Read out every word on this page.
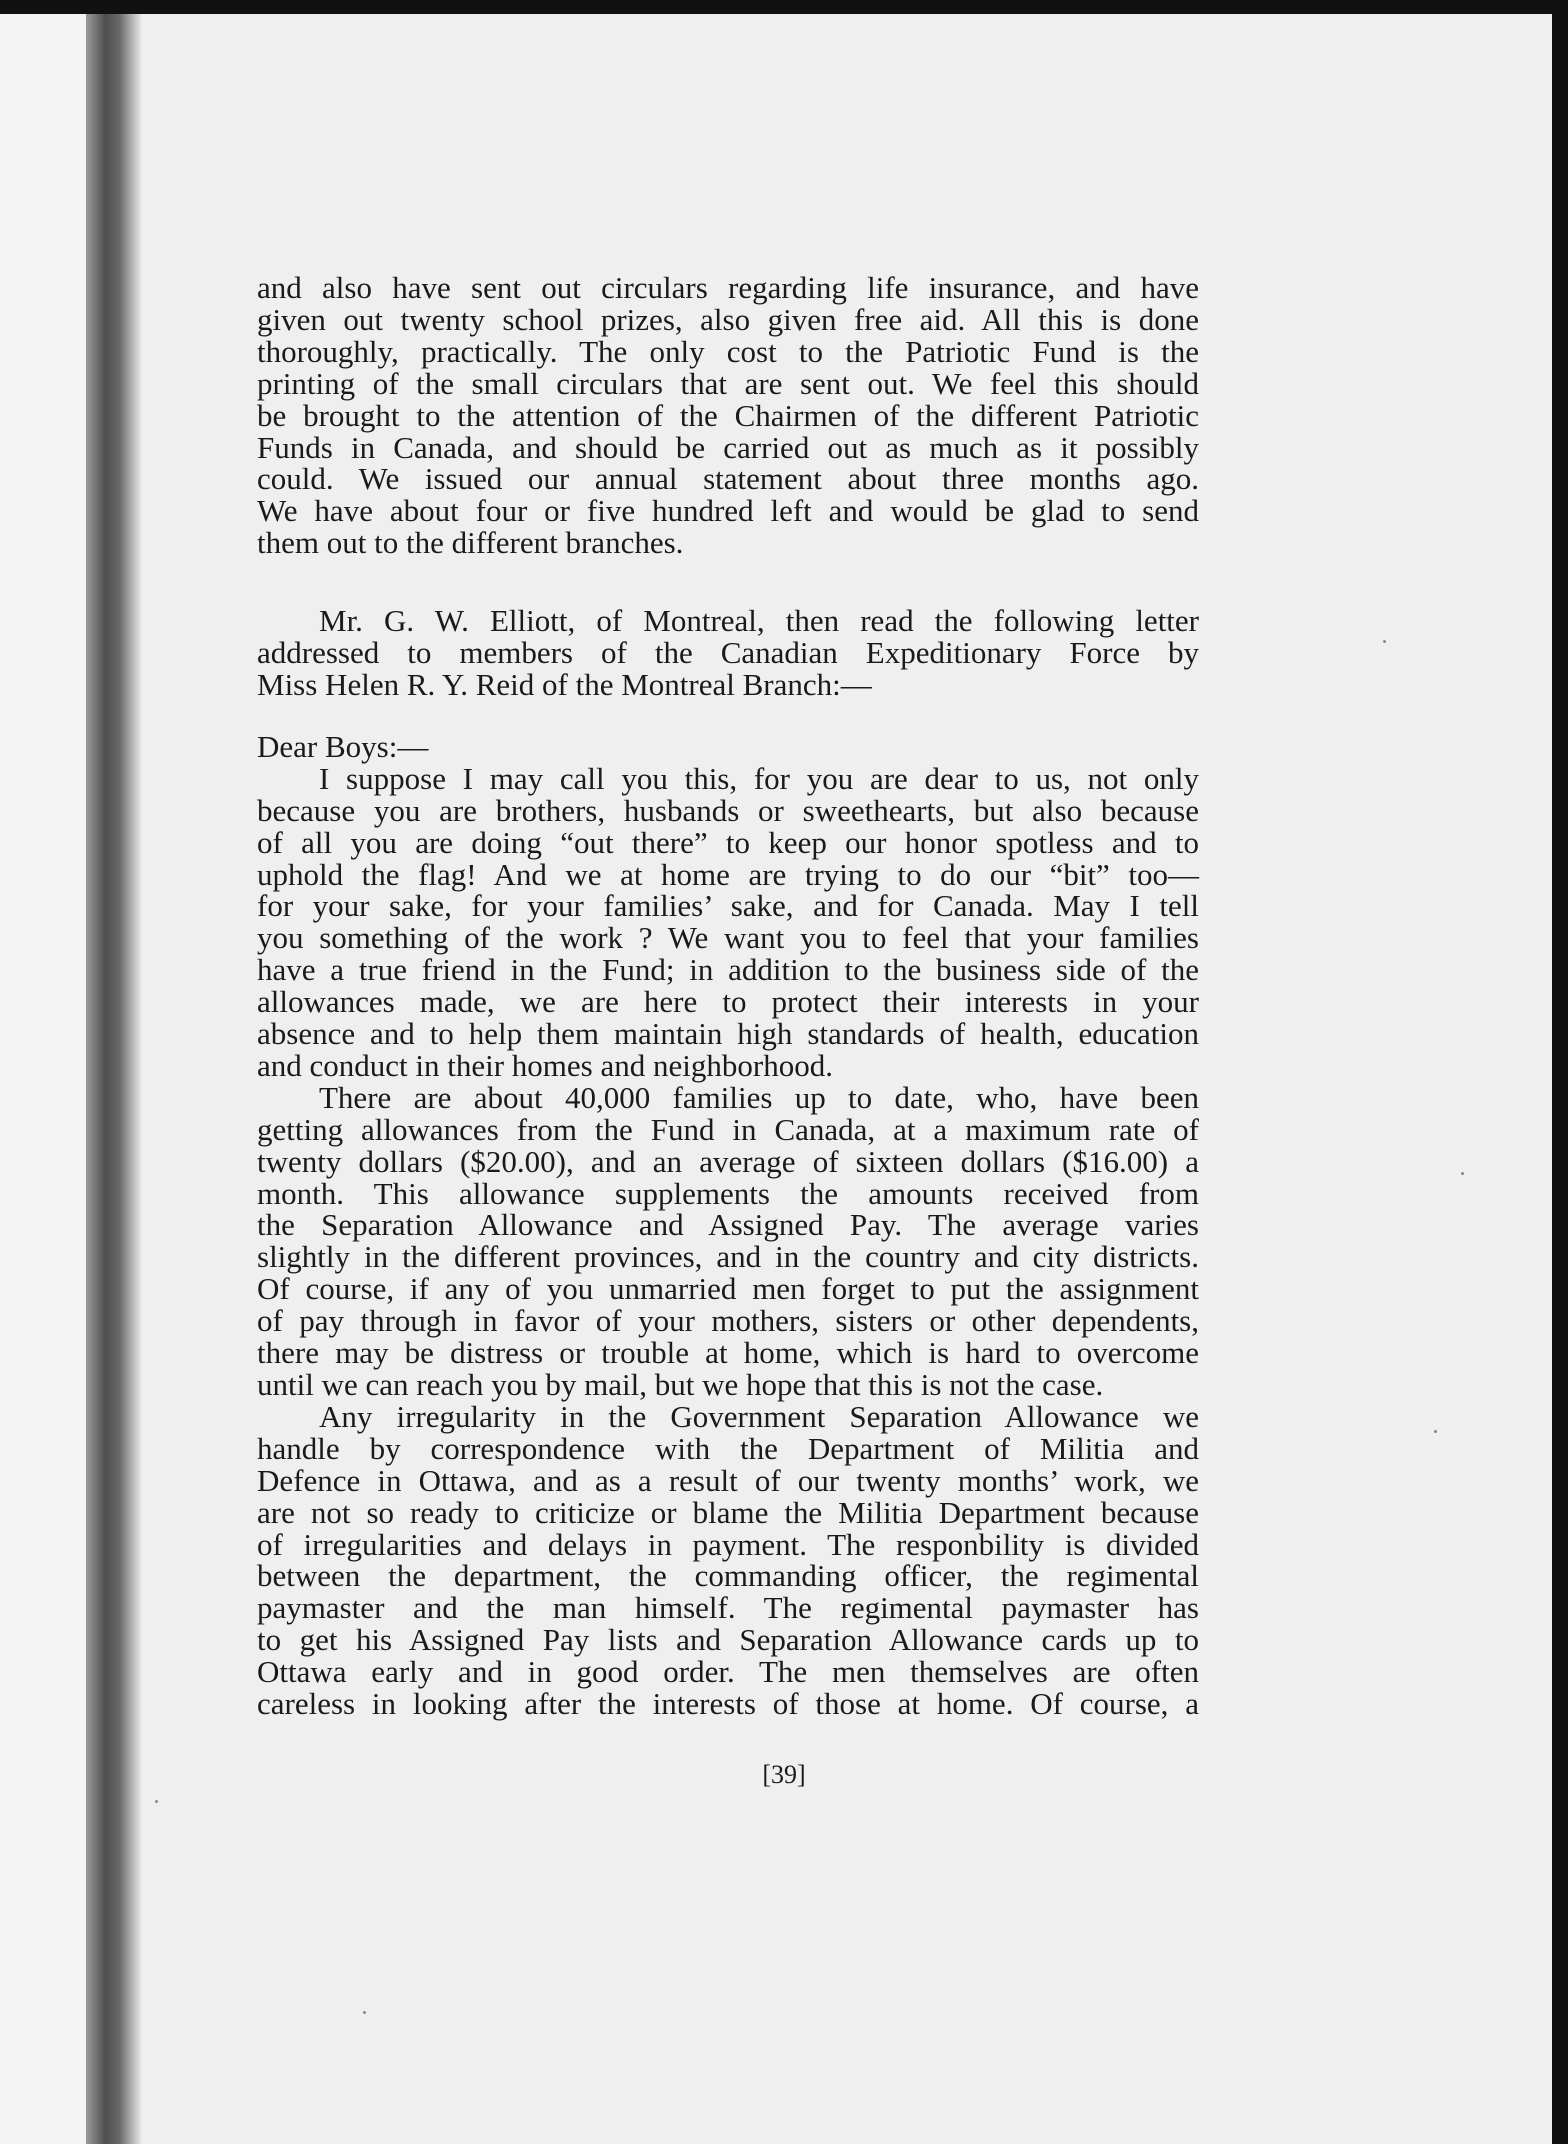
and also have sent out circulars regarding life insurance, and have
given out twenty school prizes, also given free aid. All this is done
thoroughly, practically. The only cost to the Patriotic Fund is the
printing of the small circulars that are sent out. We feel this should
be brought to the attention of the Chairmen of the different Patriotic
Funds in Canada, and should be carried out as much as it possibly
could. We issued our annual statement about three months ago.
We have about four or five hundred left and would be glad to send
them out to the different branches.

Mr. G. W. Elliott, of Montreal, then read the following letter
addressed to members of the Canadian Expeditionary Force by
Miss Helen R. Y. Reid of the Montreal Branch:—

Dear Boys:—

I suppose I may call you this, for you are dear to us, not only
because you are brothers, husbands or sweethearts, but also because
of all you are doing “out there” to keep our honor spotless and to
uphold the flag! And we at home are trying to do our “bit” too—
for your sake, for your families’ sake, and for Canada. May I tell
you something of the work ? We want you to feel that your families
have a true friend in the Fund; in addition to the business side of the
allowances made, we are here to protect their interests in your
absence and to help them maintain high standards of health, education
and conduct in their homes and neighborhood.

There are about 40,000 families up to date, who, have been
getting allowances from the Fund in Canada, at a maximum rate of
twenty dollars ($20.00), and an average of sixteen dollars ($16.00) a
month. This allowance supplements the amounts received from
the Separation Allowance and Assigned Pay. The average varies
slightly in the different provinces, and in the country and city districts.
Of course, if any of you unmarried men forget to put the assignment
of pay through in favor of your mothers, sisters or other dependents,
there may be distress or trouble at home, which is hard to overcome
until we can reach you by mail, but we hope that this is not the case.

Any irregularity in the Government Separation Allowance we
handle by correspondence with the Department of Militia and
Defence in Ottawa, and as a result of our twenty months’ work, we
are not so ready to criticize or blame the Militia Department because
of irregularities and delays in payment. The responbility is divided
between the department, the commanding officer, the regimental
paymaster and the man himself. The regimental paymaster has
to get his Assigned Pay lists and Separation Allowance cards up to
Ottawa early and in good order. The men themselves are often
careless in looking after the interests of those at home. Of course, a

[39]
